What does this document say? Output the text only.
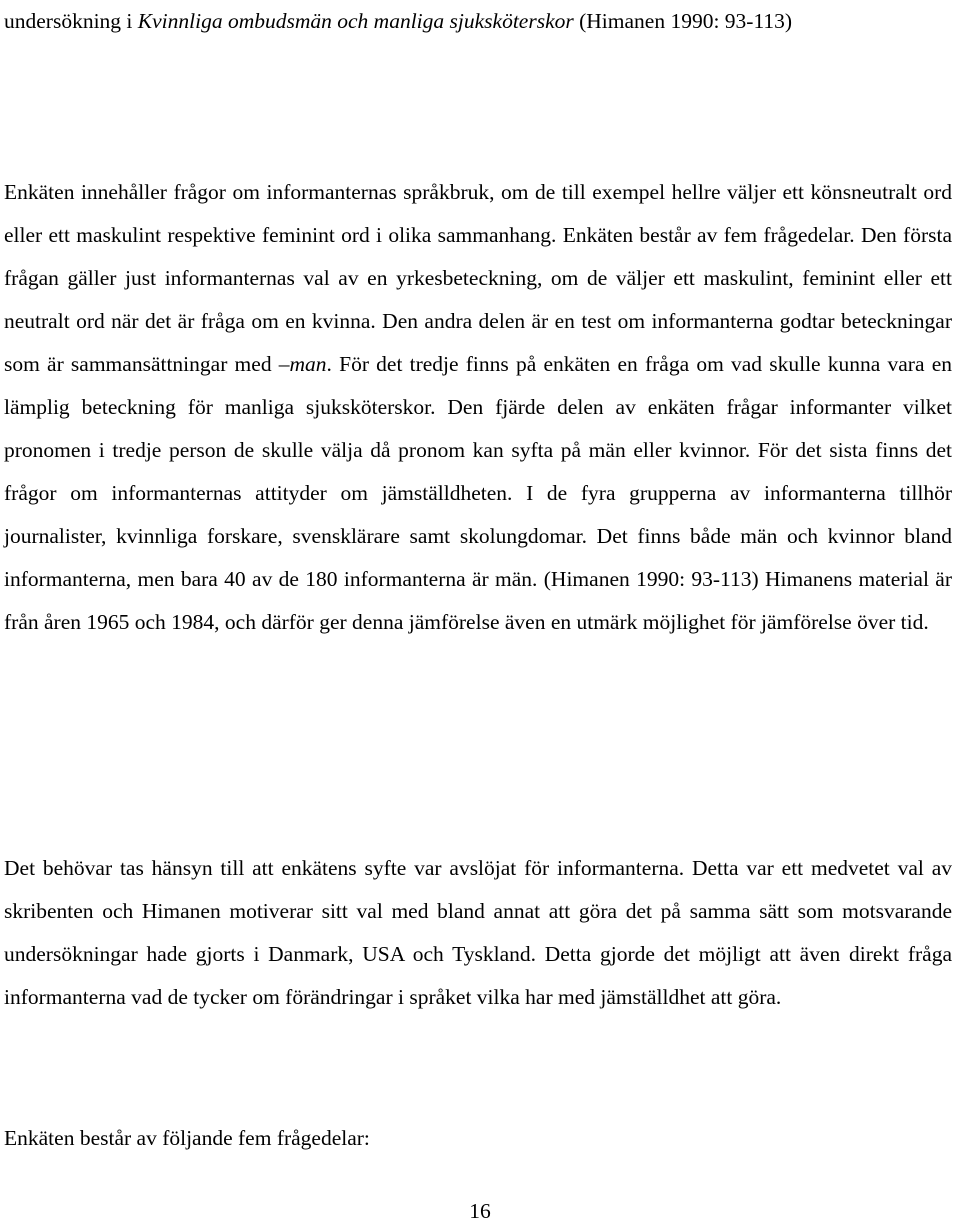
undersökning i Kvinnliga ombudsmän och manliga sjuksköterskor (Himanen 1990: 93-113)

Enkäten innehåller frågor om informanternas språkbruk, om de till exempel hellre väljer ett könsneutralt ord eller ett maskulint respektive feminint ord i olika sammanhang. Enkäten består av fem frågedelar. Den första frågan gäller just informanternas val av en yrkesbeteckning, om de väljer ett maskulint, feminint eller ett neutralt ord när det är fråga om en kvinna. Den andra delen är en test om informanterna godtar beteckningar som är sammansättningar med –man. För det tredje finns på enkäten en fråga om vad skulle kunna vara en lämplig beteckning för manliga sjuksköterskor. Den fjärde delen av enkäten frågar informanter vilket pronomen i tredje person de skulle välja då pronom kan syfta på män eller kvinnor. För det sista finns det frågor om informanternas attityder om jämställdheten. I de fyra grupperna av informanterna tillhör journalister, kvinnliga forskare, svensklärare samt skolungdomar. Det finns både män och kvinnor bland informanterna, men bara 40 av de 180 informanterna är män. (Himanen 1990: 93-113) Himanens material är från åren 1965 och 1984, och därför ger denna jämförelse även en utmärk möjlighet för jämförelse över tid.

Det behövar tas hänsyn till att enkätens syfte var avslöjat för informanterna. Detta var ett medvetet val av skribenten och Himanen motiverar sitt val med bland annat att göra det på samma sätt som motsvarande undersökningar hade gjorts i Danmark, USA och Tyskland. Detta gjorde det möjligt att även direkt fråga informanterna vad de tycker om förändringar i språket vilka har med jämställdhet att göra.

Enkäten består av följande fem frågedelar:

16
